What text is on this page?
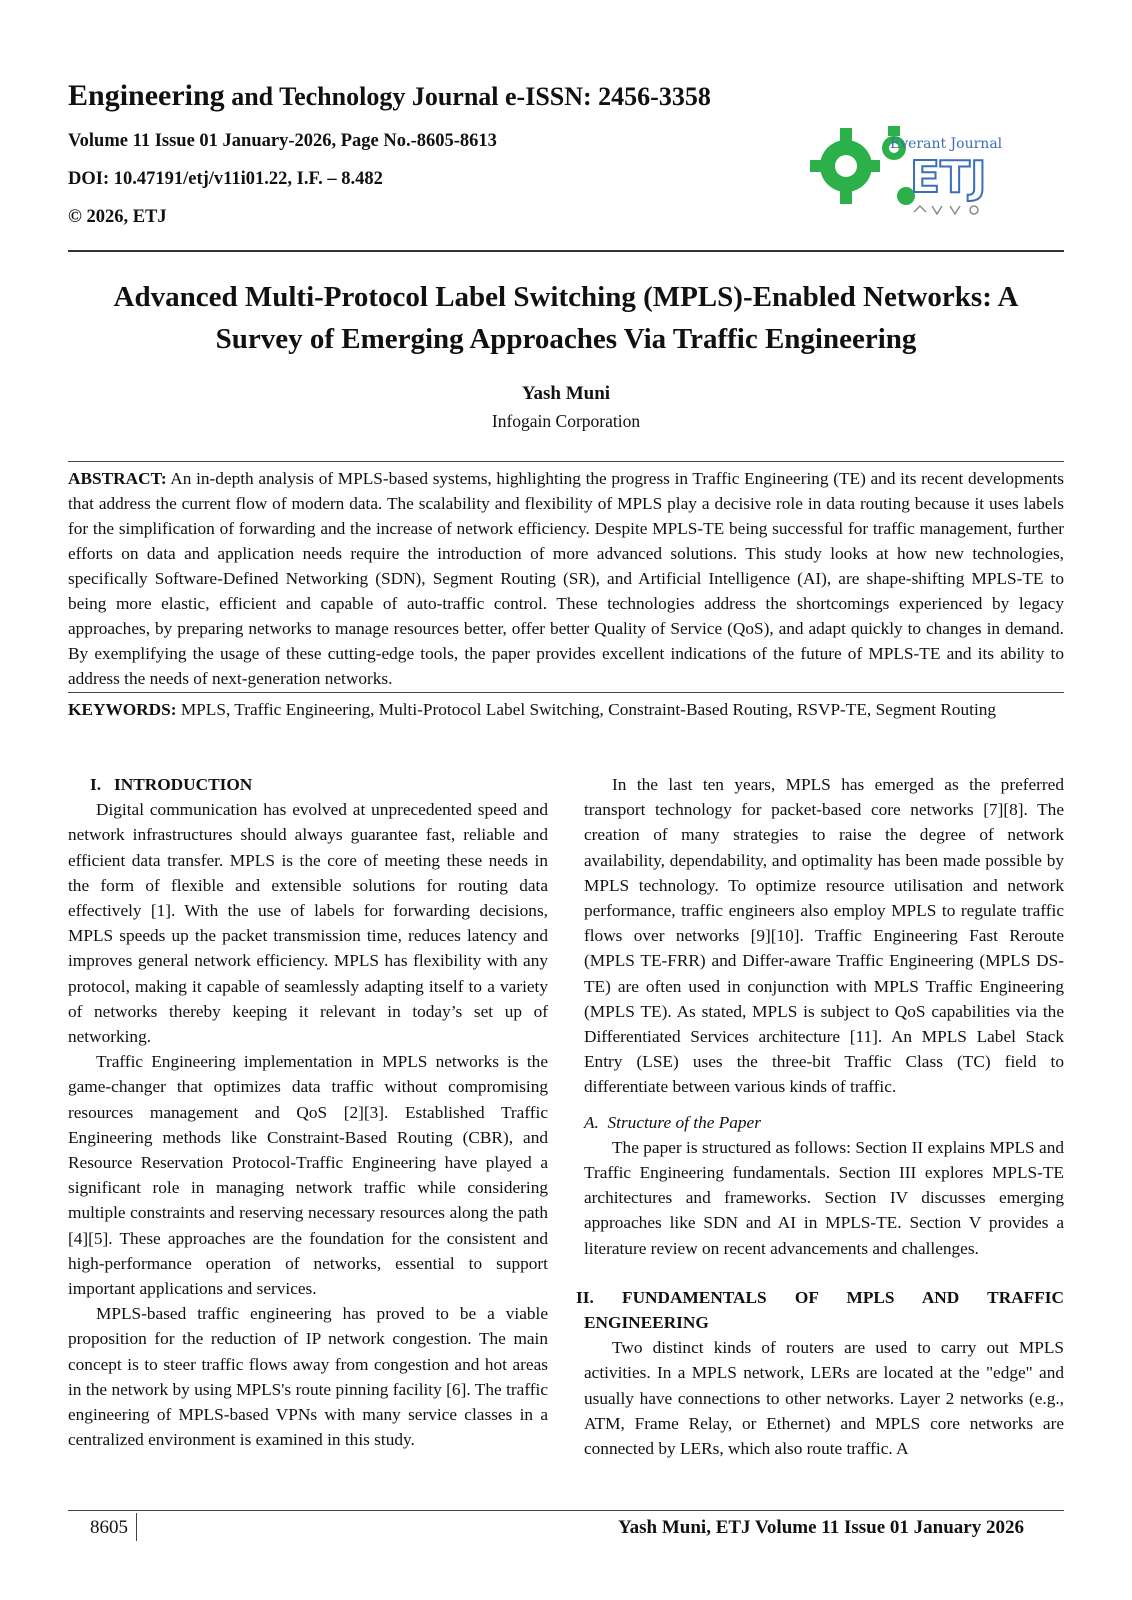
Engineering and Technology Journal e-ISSN: 2456-3358

Volume 11 Issue 01 January-2026, Page No.-8605-8613

DOI: 10.47191/etj/v11i01.22, I.F. – 8.482

© 2026, ETJ

Everant Journal
ETJ
Advanced Multi-Protocol Label Switching (MPLS)-Enabled Networks: A
Survey of Emerging Approaches Via Traffic Engineering

Yash Muni

Infogain Corporation

ABSTRACT: An in-depth analysis of MPLS-based systems, highlighting the progress in Traffic Engineering (TE) and its recent developments that address the current flow of modern data. The scalability and flexibility of MPLS play a decisive role in data routing because it uses labels for the simplification of forwarding and the increase of network efficiency. Despite MPLS-TE being successful for traffic management, further efforts on data and application needs require the introduction of more advanced solutions. This study looks at how new technologies, specifically Software-Defined Networking (SDN), Segment Routing (SR), and Artificial Intelligence (AI), are shape-shifting MPLS-TE to being more elastic, efficient and capable of auto-traffic control. These technologies address the shortcomings experienced by legacy approaches, by preparing networks to manage resources better, offer better Quality of Service (QoS), and adapt quickly to changes in demand. By exemplifying the usage of these cutting-edge tools, the paper provides excellent indications of the future of MPLS-TE and its ability to address the needs of next-generation networks.

KEYWORDS: MPLS, Traffic Engineering, Multi-Protocol Label Switching, Constraint-Based Routing, RSVP-TE, Segment Routing

I.   INTRODUCTION

Digital communication has evolved at unprecedented speed and network infrastructures should always guarantee fast, reliable and efficient data transfer. MPLS is the core of meeting these needs in the form of flexible and extensible solutions for routing data effectively [1]. With the use of labels for forwarding decisions, MPLS speeds up the packet transmission time, reduces latency and improves general network efficiency. MPLS has flexibility with any protocol, making it capable of seamlessly adapting itself to a variety of networks thereby keeping it relevant in today’s set up of networking.

Traffic Engineering implementation in MPLS networks is the game-changer that optimizes data traffic without compromising resources management and QoS [2][3]. Established Traffic Engineering methods like Constraint-Based Routing (CBR), and Resource Reservation Protocol-Traffic Engineering have played a significant role in managing network traffic while considering multiple constraints and reserving necessary resources along the path [4][5]. These approaches are the foundation for the consistent and high-performance operation of networks, essential to support important applications and services.

MPLS-based traffic engineering has proved to be a viable proposition for the reduction of IP network congestion. The main concept is to steer traffic flows away from congestion and hot areas in the network by using MPLS's route pinning facility [6]. The traffic engineering of MPLS-based VPNs with many service classes in a centralized environment is examined in this study.

In the last ten years, MPLS has emerged as the preferred transport technology for packet-based core networks [7][8]. The creation of many strategies to raise the degree of network availability, dependability, and optimality has been made possible by MPLS technology. To optimize resource utilisation and network performance, traffic engineers also employ MPLS to regulate traffic flows over networks [9][10]. Traffic Engineering Fast Reroute (MPLS TE-FRR) and Differ-aware Traffic Engineering (MPLS DS-TE) are often used in conjunction with MPLS Traffic Engineering (MPLS TE). As stated, MPLS is subject to QoS capabilities via the Differentiated Services architecture [11]. An MPLS Label Stack Entry (LSE) uses the three-bit Traffic Class (TC) field to differentiate between various kinds of traffic.

A.  Structure of the Paper

The paper is structured as follows: Section II explains MPLS and Traffic Engineering fundamentals. Section III explores MPLS-TE architectures and frameworks. Section IV discusses emerging approaches like SDN and AI in MPLS-TE. Section V provides a literature review on recent advancements and challenges.

II. FUNDAMENTALS OF MPLS AND TRAFFIC

ENGINEERING

Two distinct kinds of routers are used to carry out MPLS activities. In a MPLS network, LERs are located at the "edge" and usually have connections to other networks. Layer 2 networks (e.g., ATM, Frame Relay, or Ethernet) and MPLS core networks are connected by LERs, which also route traffic. A

8605	Yash Muni, ETJ Volume 11 Issue 01 January 2026
